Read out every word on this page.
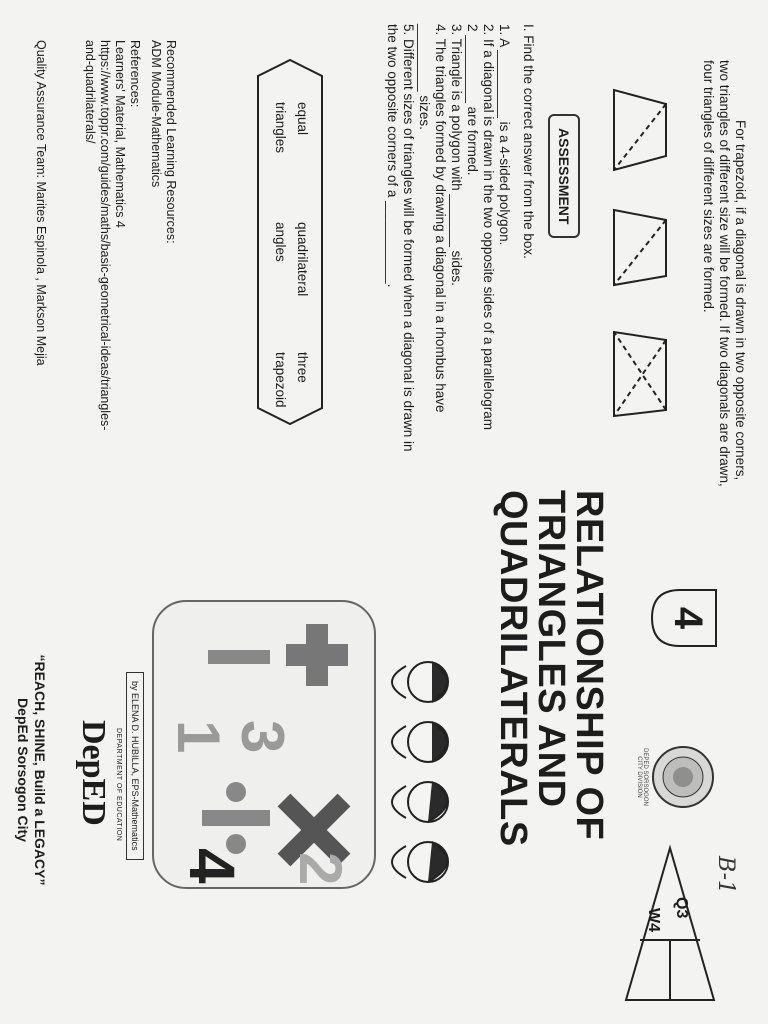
For trapezoid, if a diagonal is drawn in two opposite corners,
two triangles of different size will be formed. If two diagonals are drawn,
four triangles of different sizes are formed.
ASSESSMENT
I. Find the correct answer from the box.
1. A _________ is a 4-sided polygon.
2. If a diagonal is drawn in the two opposite sides of a parallelogram
2 _________ are formed.
3. Triangle is a polygon with _______ sides.
4. The triangles formed by drawing a diagonal in a rhombus have
_________ sizes.
5. Different sizes of triangles will be formed when a diagonal is drawn in
the two opposite corners of a ___________.
equal
quadrilateral
three
triangles
angles
trapezoid
Recommended Learning Resources:
ADM Module-Mathematics
References:
Learners' Material, Mathematics 4
https://www.toppr.com/guides/maths/basic-geometrical-ideas/triangles-
and-quadrilaterals/
Quality Assurance Team: Marites Espinola , Markson Mejia
B-1
4
Q3
W4
DEPED SORSOGON CITY DIVISION
RELATIONSHIP OF
TRIANGLES AND
QUADRILATERALS
1
3
2
4
by ELENA D. HUBILLA, EPS-Mathematics
DEPARTMENT OF EDUCATION
DepED
“REACH, SHINE, Build a LEGACY”
DepEd Sorsogon City
